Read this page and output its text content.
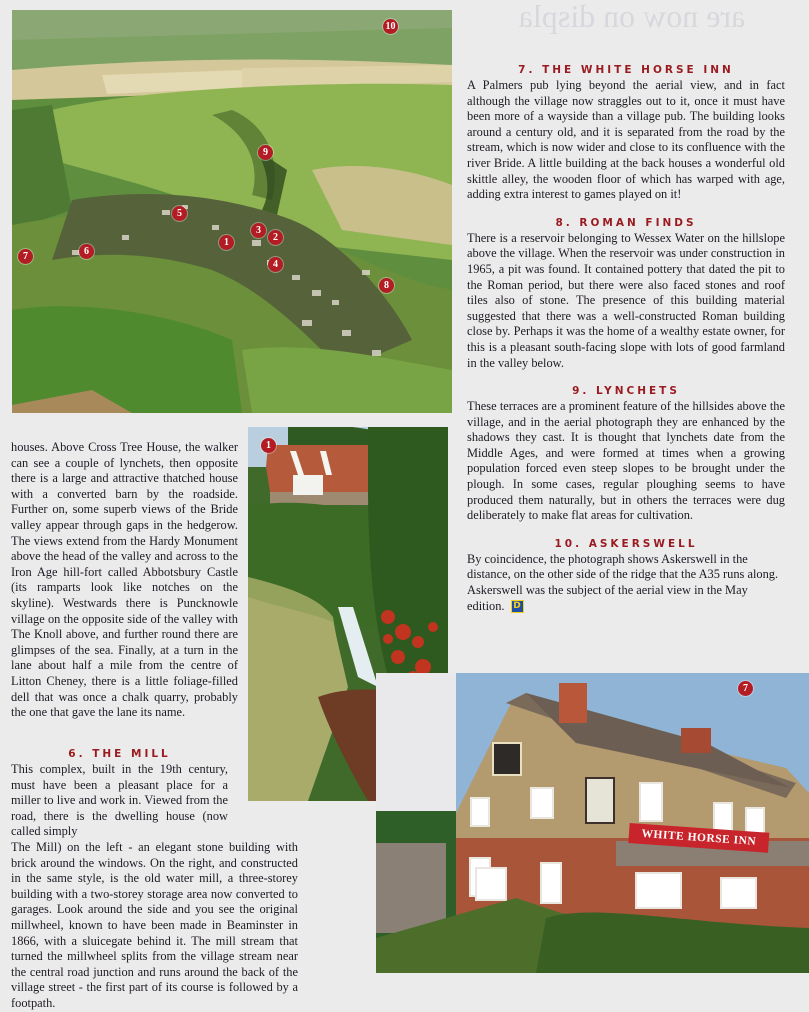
are now on displa
10
9
5
3
2
1
4
6
7
8
1
WHITE HORSE INN
7
7. THE WHITE HORSE INN

A Palmers pub lying beyond the aerial view, and in fact although the village now straggles out to it, once it must have been more of a wayside than a village pub. The building looks around a century old, and it is separated from the road by the stream, which is now wider and close to its confluence with the river Bride. A little building at the back houses a wonderful old skittle alley, the wooden floor of which has warped with age, adding extra interest to games played on it!

8. ROMAN FINDS

There is a reservoir belonging to Wessex Water on the hillslope above the village. When the reservoir was under construction in 1965, a pit was found. It contained pottery that dated the pit to the Roman period, but there were also faced stones and roof tiles also of stone. The presence of this building material suggested that there was a well-constructed Roman building close by. Perhaps it was the home of a wealthy estate owner, for this is a pleasant south-facing slope with lots of good farmland in the valley below.

9. LYNCHETS

These terraces are a prominent feature of the hillsides above the village, and in the aerial photograph they are enhanced by the shadows they cast. It is thought that lynchets date from the Middle Ages, and were formed at times when a growing population forced even steep slopes to be brought under the plough. In some cases, regular ploughing seems to have produced them naturally, but in others the terraces were dug deliberately to make flat areas for cultivation.

10. ASKERSWELL

By coincidence, the photograph shows Askerswell in the distance, on the other side of the ridge that the A35 runs along. Askerswell was the subject of the aerial view in the May edition. D

houses. Above Cross Tree House, the walker can see a couple of lynchets, then opposite there is a large and attractive thatched house with a converted barn by the roadside. Further on, some superb views of the Bride valley appear through gaps in the hedgerow. The views extend from the Hardy Monument above the head of the valley and across to the Iron Age hill-fort called Abbotsbury Castle (its ramparts look like notches on the skyline). Westwards there is Puncknowle village on the opposite side of the valley with The Knoll above, and further round there are glimpses of the sea. Finally, at a turn in the lane about half a mile from the centre of Litton Cheney, there is a little foliage-filled dell that was once a chalk quarry, probably the one that gave the lane its name.

6. THE MILL

This complex, built in the 19th century, must have been a pleasant place for a miller to live and work in. Viewed from the road, there is the dwelling house (now called simply

The Mill) on the left - an elegant stone building with brick around the windows. On the right, and constructed in the same style, is the old water mill, a three-storey building with a two-storey storage area now converted to garages. Look around the side and you see the original millwheel, known to have been made in Beaminster in 1866, with a sluicegate behind it. The mill stream that turned the millwheel splits from the village stream near the central road junction and runs around the back of the village street - the first part of its course is followed by a footpath.
